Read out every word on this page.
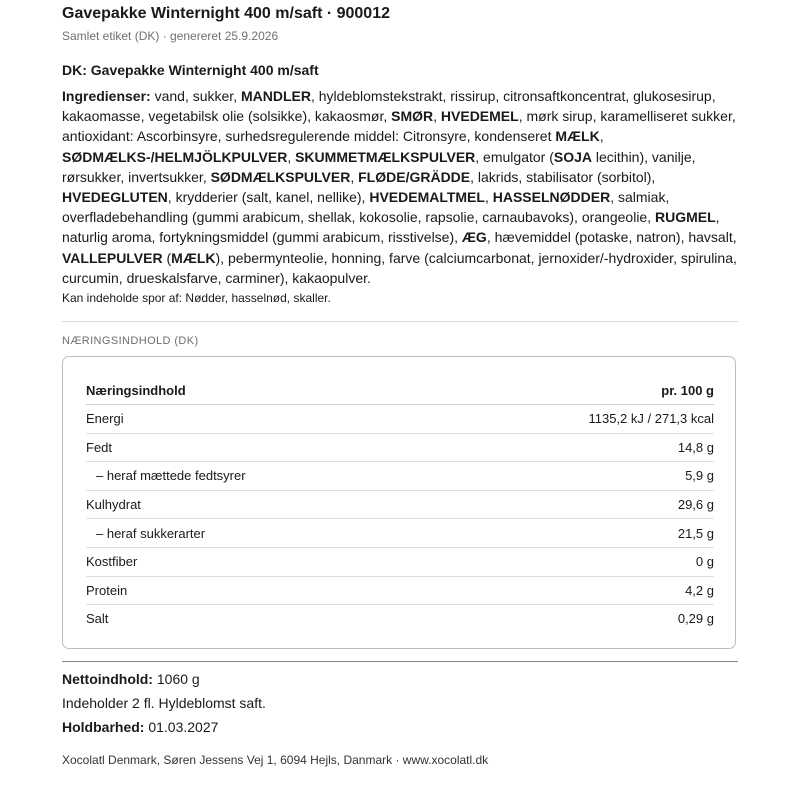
Gavepakke Winternight 400 m/saft · 900012
Samlet etiket (DK) · genereret 25.9.2026
DK: Gavepakke Winternight 400 m/saft
Ingredienser: vand, sukker, MANDLER, hyldeblomstekstrakt, rissirup, citronsaftkoncentrat, glukosesirup, kakaomasse, vegetabilsk olie (solsikke), kakaosmør, SMØR, HVEDEMEL, mørk sirup, karamelliseret sukker, antioxidant: Ascorbinsyre, surhedsregulerende middel: Citronsyre, kondenseret MÆLK, SØDMÆLKS-/HELMJÖLKPULVER, SKUMMETMÆLKSPULVER, emulgator (SOJA lecithin), vanilje, rørsukker, invertsukker, SØDMÆLKSPULVER, FLØDE/GRÄDDE, lakrids, stabilisator (sorbitol), HVEDEGLUTEN, krydderier (salt, kanel, nellike), HVEDEMALTMEL, HASSELNØDDER, salmiak, overfladebehandling (gummi arabicum, shellak, kokosolie, rapsolie, carnaubavoks), orangeolie, RUGMEL, naturlig aroma, fortykningsmiddel (gummi arabicum, risstivelse), ÆG, hævemiddel (potaske, natron), havsalt, VALLEPULVER (MÆLK), pebermynteolie, honning, farve (calciumcarbonat, jernoxider/-hydroxider, spirulina, curcumin, drueskalsfarve, carminer), kakaopulver.
Kan indeholde spor af: Nødder, hasselnød, skaller.
NÆRINGSINDHOLD (DK)
Næringsindhold	pr. 100 g
Energi	1135,2 kJ / 271,3 kcal
Fedt	14,8 g
– heraf mættede fedtsyrer	5,9 g
Kulhydrat	29,6 g
– heraf sukkerarter	21,5 g
Kostfiber	0 g
Protein	4,2 g
Salt	0,29 g
Nettoindhold: 1060 g
Indeholder 2 fl. Hyldeblomst saft.
Holdbarhed: 01.03.2027
Xocolatl Denmark, Søren Jessens Vej 1, 6094 Hejls, Danmark · www.xocolatl.dk
